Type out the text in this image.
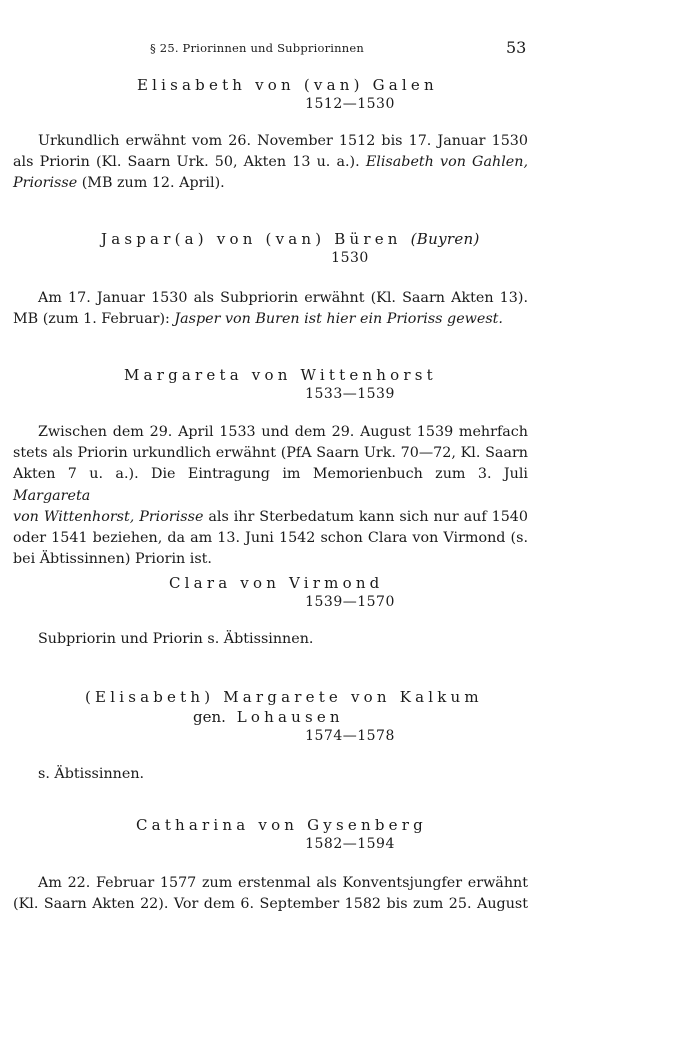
§ 25. Priorinnen und Subpriorinnen	53
Elisabeth von (van) Galen
1512—1530
Urkundlich erwähnt vom 26. November 1512 bis 17. Januar 1530
als Priorin (Kl. Saarn Urk. 50, Akten 13 u. a.). Elisabeth von Gahlen,
Priorisse (MB zum 12. April).
Jaspar(a) von (van) Büren (Buyren)
1530
Am 17. Januar 1530 als Subpriorin erwähnt (Kl. Saarn Akten 13).
MB (zum 1. Februar): Jasper von Buren ist hier ein Prioriss gewest.
Margareta von Wittenhorst
1533—1539
Zwischen dem 29. April 1533 und dem 29. August 1539 mehrfach
stets als Priorin urkundlich erwähnt (PfA Saarn Urk. 70—72, Kl. Saarn
Akten 7 u. a.). Die Eintragung im Memorienbuch zum 3. Juli Margareta
von Wittenhorst, Priorisse als ihr Sterbedatum kann sich nur auf 1540
oder 1541 beziehen, da am 13. Juni 1542 schon Clara von Virmond (s.
bei Äbtissinnen) Priorin ist.
Clara von Virmond
1539—1570
Subpriorin und Priorin s. Äbtissinnen.
(Elisabeth) Margarete von Kalkum
gen. Lohausen
1574—1578
s. Äbtissinnen.
Catharina von Gysenberg
1582—1594
Am 22. Februar 1577 zum erstenmal als Konventsjungfer erwähnt
(Kl. Saarn Akten 22). Vor dem 6. September 1582 bis zum 25. August
